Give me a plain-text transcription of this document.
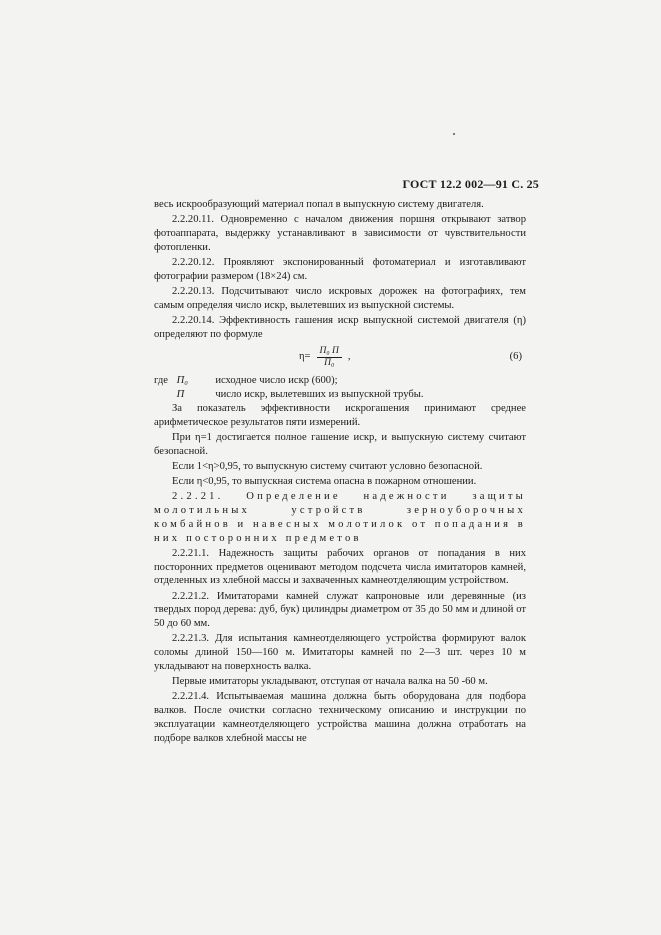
ГОСТ 12.2 002—91 С. 25

весь искрообразующий материал попал в выпускную систему двигателя.

2.2.20.11. Одновременно с началом движения поршня открывают затвор фотоаппарата, выдержку устанавливают в зависимости от чувствительности фотопленки.

2.2.20.12. Проявляют экспонированный фотоматериал и изготавливают фотографии размером (18×24) см.

2.2.20.13. Подсчитывают число искровых дорожек на фотографиях, тем самым определяя число искр, вылетевших из выпускной системы.

2.2.20.14. Эффективность гашения искр выпускной системой двигателя (η) определяют по формуле

$\eta= \frac{\text{П₀ П}}{\text{П₀}}$ ,	(6)

где П₀	исходное число искр (600);

П	число искр, вылетевших из выпускной трубы.

За показатель эффективности искрогашения принимают среднее арифметическое результатов пяти измерений.

При η=1 достигается полное гашение искр, и выпускную систему считают безопасной.

Если 1<η>0,95, то выпускную систему считают условно безопасной.

Если η<0,95, то выпускная система опасна в пожарном отношении.

2.2.21. Определение надежности защиты молотильных устройств зерноуборочных комбайнов и навесных молотилок от попадания в них посторонних предметов

2.2.21.1. Надежность защиты рабочих органов от попадания в них посторонних предметов оценивают методом подсчета числа имитаторов камней, отделенных из хлебной массы и захваченных камнеотделяющим устройством.

2.2.21.2. Имитаторами камней служат капроновые или деревянные (из твердых пород дерева: дуб, бук) цилиндры диаметром от 35 до 50 мм и длиной от 50 до 60 мм.

2.2.21.3. Для испытания камнеотделяющего устройства формируют валок соломы длиной 150—160 м. Имитаторы камней по 2—3 шт. через 10 м укладывают на поверхность валка.

Первые имитаторы укладывают, отступая от начала валка на 50 -60 м.

2.2.21.4. Испытываемая машина должна быть оборудована для подбора валков. После очистки согласно техническому описанию и инструкции по эксплуатации камнеотделяющего устройства машина должна отработать на подборе валков хлебной массы не
